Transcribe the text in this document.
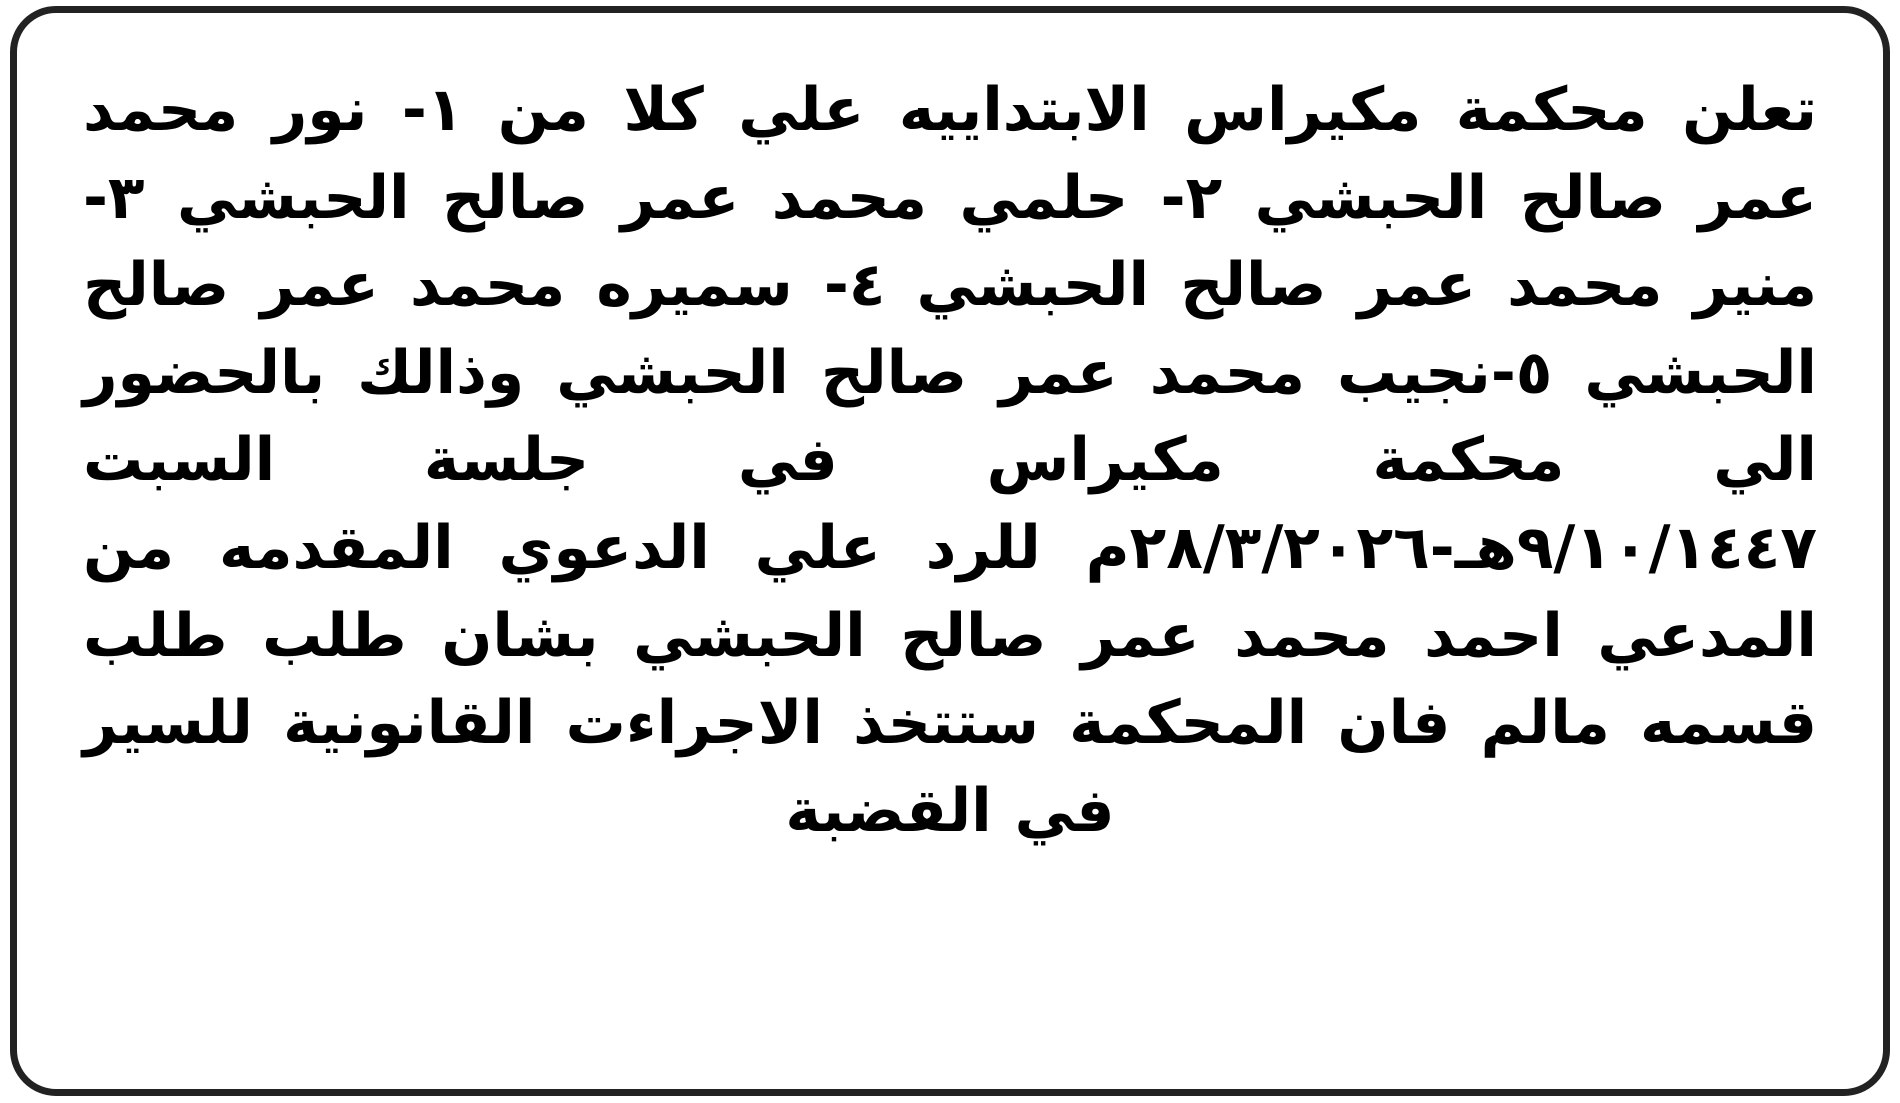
تعلن محكمة مكيراس الابتداييه علي كلا من ١- نور محمد عمر صالح الحبشي ٢- حلمي محمد عمر صالح الحبشي ٣-منير محمد عمر صالح الحبشي ٤- سميره محمد عمر صالح الحبشي ٥-نجيب محمد عمر صالح الحبشي وذالك بالحضور الي محكمة مكيراس في جلسة السبت ٩/١٠/١٤٤٧هـ-٢٨/٣/٢٠٢٦م للرد علي الدعوي المقدمه من المدعي احمد محمد عمر صالح الحبشي بشان طلب طلب قسمه مالم فان المحكمة ستتخذ الاجراءت القانونية للسير في القضبة
